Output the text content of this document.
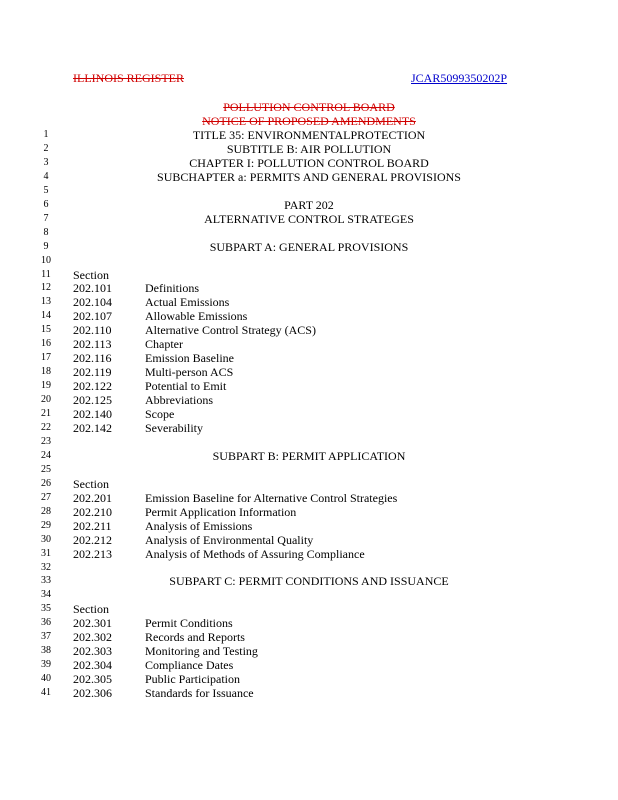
ILLINOIS REGISTER	JCAR5099350202P
POLLUTION CONTROL BOARD
NOTICE OF PROPOSED AMENDMENTS
1	TITLE 35: ENVIRONMENTALPROTECTION
2	SUBTITLE B: AIR POLLUTION
3	CHAPTER I: POLLUTION CONTROL BOARD
4	SUBCHAPTER a: PERMITS AND GENERAL PROVISIONS
5
6	PART 202
7	ALTERNATIVE CONTROL STRATEGES
8
9	SUBPART A: GENERAL PROVISIONS
10
11	Section
12	202.101	Definitions
13	202.104	Actual Emissions
14	202.107	Allowable Emissions
15	202.110	Alternative Control Strategy (ACS)
16	202.113	Chapter
17	202.116	Emission Baseline
18	202.119	Multi-person ACS
19	202.122	Potential to Emit
20	202.125	Abbreviations
21	202.140	Scope
22	202.142	Severability
23
24	SUBPART B: PERMIT APPLICATION
25
26	Section
27	202.201	Emission Baseline for Alternative Control Strategies
28	202.210	Permit Application Information
29	202.211	Analysis of Emissions
30	202.212	Analysis of Environmental Quality
31	202.213	Analysis of Methods of Assuring Compliance
32
33	SUBPART C: PERMIT CONDITIONS AND ISSUANCE
34
35	Section
36	202.301	Permit Conditions
37	202.302	Records and Reports
38	202.303	Monitoring and Testing
39	202.304	Compliance Dates
40	202.305	Public Participation
41	202.306	Standards for Issuance
